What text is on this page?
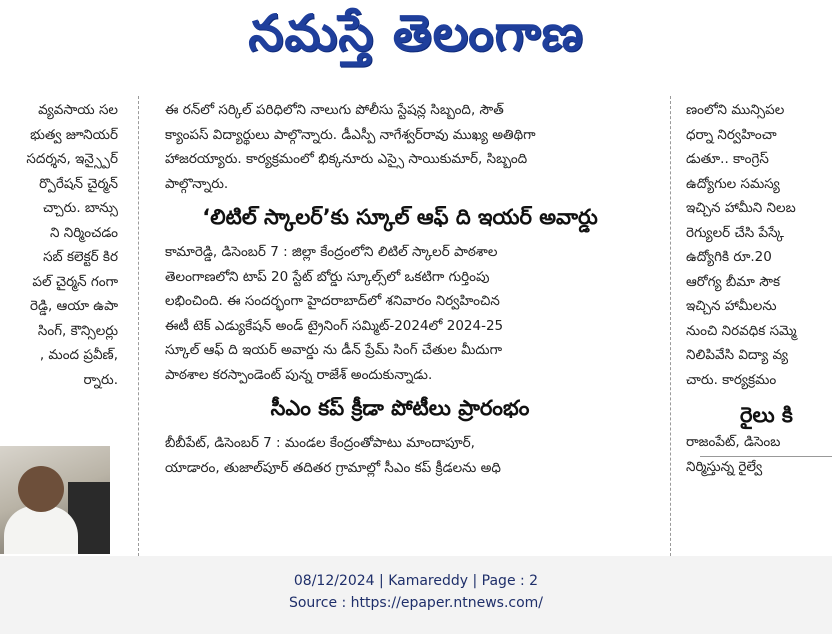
నమస్తే తెలంగాణ
వ్యవసాయ సల
భుత్వ జూనియర్
సదర్శన, ఇన్స్పైర్
ర్పొరేషన్ చైర్మన్
చ్చారు. బాన్సు
ని నిర్మించడం
సబ్ కలెక్టర్ కిర
పల్ చైర్మన్ గంగా
రెడ్డి, ఆయా ఉపా
సింగ్, కౌన్సిలర్లు
, మంద ప్రవీణ్,
ర్నారు.
ఈ రన్‌లో సర్కిల్ పరిధిలోని నాలుగు పోలీసు స్టేషన్ల సిబ్బంది, సౌత్
క్యాంపస్ విద్యార్థులు పాల్గొన్నారు. డీఎస్పీ నాగేశ్వర్‌రావు ముఖ్య అతిథిగా
హాజరయ్యారు. కార్యక్రమంలో భిక్కనూరు ఎస్సై సాయికుమార్, సిబ్బంది
పాల్గొన్నారు.
‘లిటిల్ స్కాలర్’కు స్కూల్ ఆఫ్ ది ఇయర్ అవార్డు
కామారెడ్డి, డిసెంబర్ 7 : జిల్లా కేంద్రంలోని లిటిల్ స్కాలర్ పాఠశాల
తెలంగాణలోని టాప్ 20 స్టేట్ బోర్డు స్కూల్స్‌లో ఒకటిగా గుర్తింపు
లభించింది. ఈ సందర్భంగా హైదరాబాద్‌లో శనివారం నిర్వహించిన
ఈటీ టెక్ ఎడ్యుకేషన్ అండ్ ట్రైనింగ్ సమ్మిట్-2024లో 2024-25
స్కూల్ ఆఫ్ ది ఇయర్ అవార్డు ను డీన్ ప్రేమ్ సింగ్ చేతుల మీదుగా
పాఠశాల కరస్పాండెంట్ పున్న రాజేశ్ అందుకున్నాడు.
సీఎం కప్ క్రీడా పోటీలు ప్రారంభం
బీబీపేట్, డిసెంబర్ 7 : మండల కేంద్రంతోపాటు మాందాపూర్,
యాడారం, తుజాల్‌పూర్ తదితర గ్రామాల్లో సీఎం కప్ క్రీడలను అధి
ణంలోని మున్సిపల
ధర్నా నిర్వహించా
డుతూ.. కాంగ్రెస్
ఉద్యోగుల సమస్య
ఇచ్చిన హామీని నిలబ
రెగ్యులర్ చేసి పేస్కే
ఉద్యోగికి రూ.20
ఆరోగ్య బీమా సౌక
ఇచ్చిన హామీలను
నుంచి నిరవధిక సమ్మె
నిలిపివేసి విద్యా వ్య
చారు. కార్యక్రమం
రైలు కి
రాజంపేట్, డిసెంబ
నిర్మిస్తున్న రైల్వే
08/12/2024 | Kamareddy | Page : 2
Source : https://epaper.ntnews.com/
